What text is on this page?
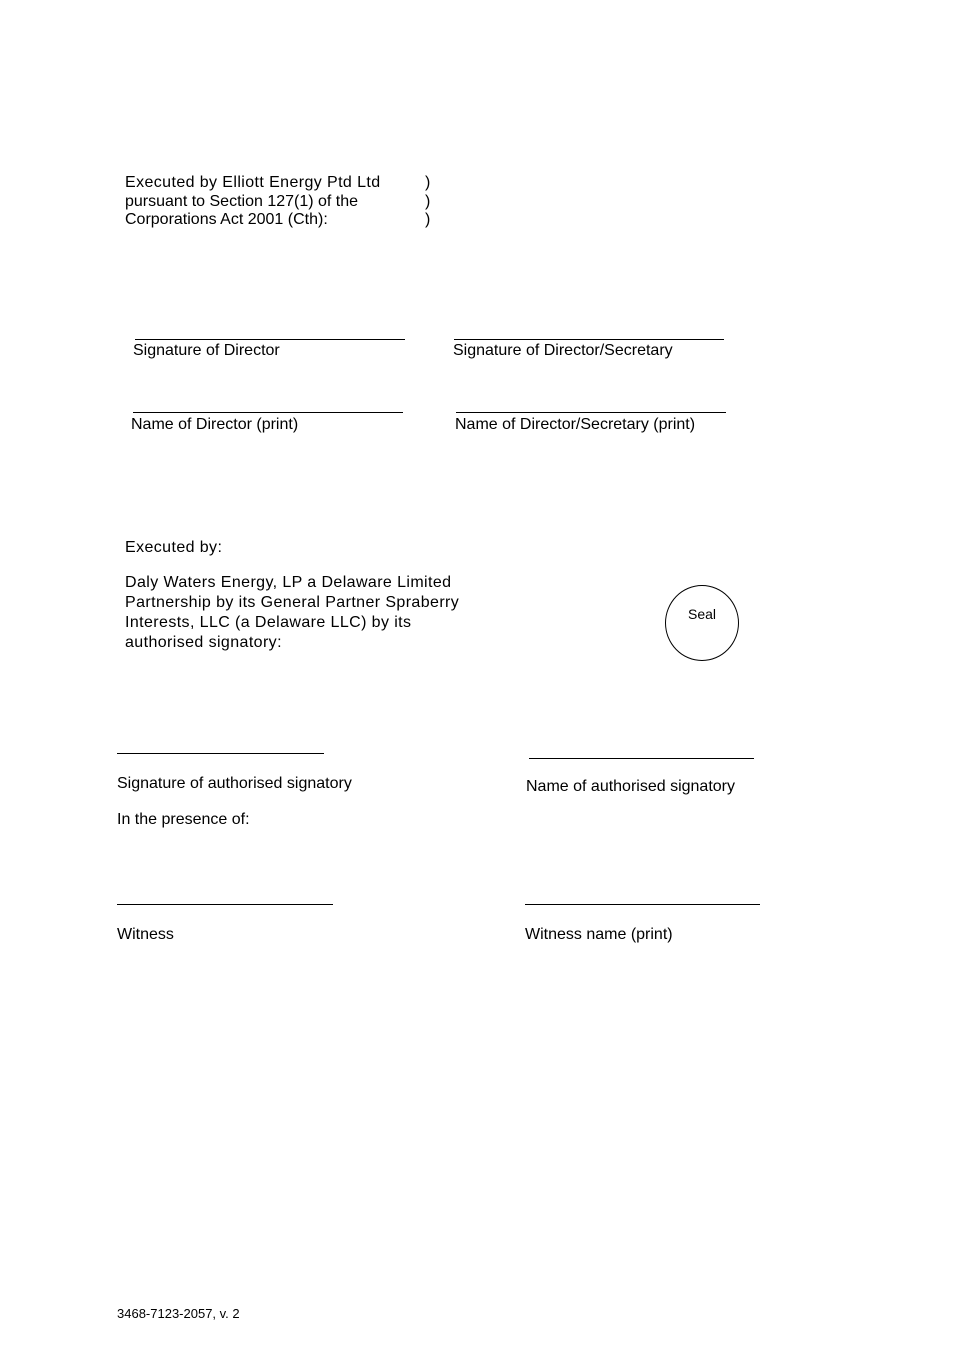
Executed by Elliott Energy Ptd Ltd
pursuant to Section 127(1) of the
Corporations Act 2001 (Cth):
)
)
)
Signature of Director	Signature of Director/Secretary
Name of Director (print)	Name of Director/Secretary (print)
Executed by:
Daly Waters Energy, LP a Delaware Limited
Partnership by its General Partner Spraberry
Interests, LLC (a Delaware LLC) by its
authorised signatory:
Seal
Signature of authorised signatory	Name of authorised signatory
In the presence of:
Witness	Witness name (print)
3468-7123-2057, v. 2
